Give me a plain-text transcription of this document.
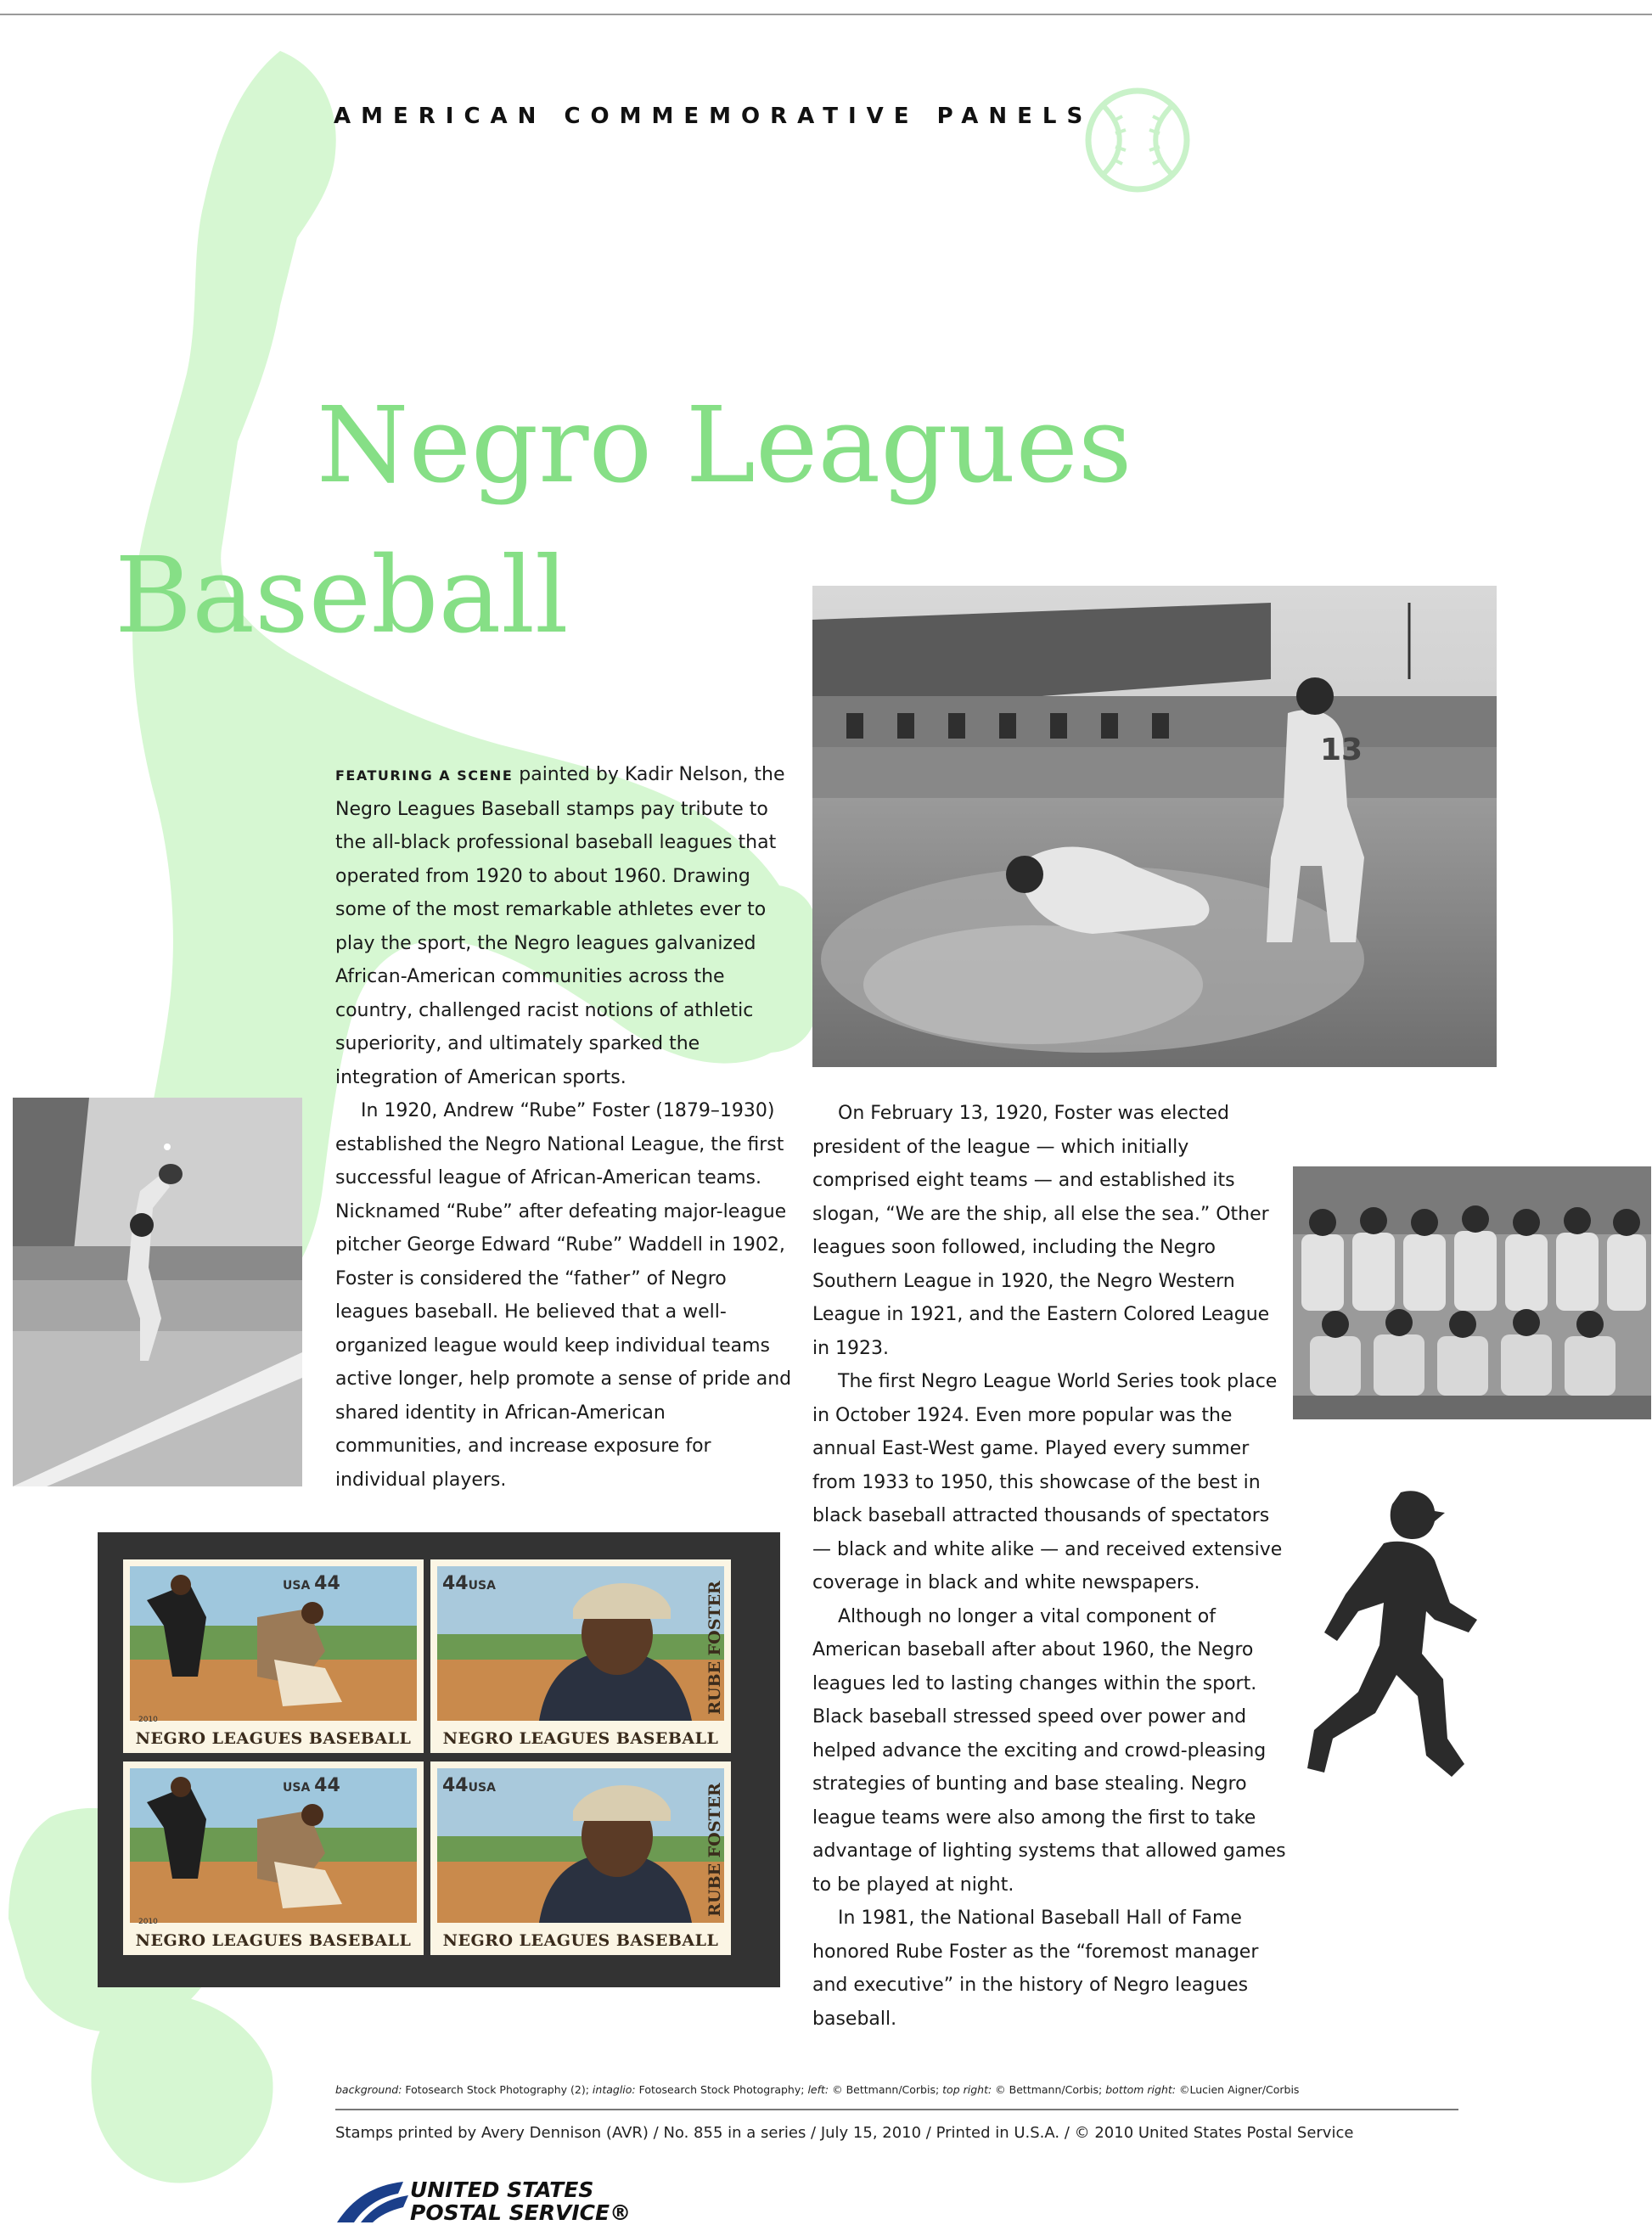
AMERICAN COMMEMORATIVE PANELS
Negro Leagues
Baseball
13

FEATURING A SCENE painted by Kadir Nelson, the Negro Leagues Baseball stamps pay tribute to the all-black professional baseball leagues that operated from 1920 to about 1960. Drawing some of the most remarkable athletes ever to play the sport, the Negro leagues galvanized African-American communities across the country, challenged racist notions of athletic superiority, and ultimately sparked the integration of American sports.

In 1920, Andrew “Rube” Foster (1879–1930) established the Negro National League, the first successful league of African-American teams. Nicknamed “Rube” after defeating major-league pitcher George Edward “Rube” Waddell in 1902, Foster is considered the “father” of Negro leagues baseball. He believed that a well-organized league would keep individual teams active longer, help promote a sense of pride and shared identity in African-American communities, and increase exposure for individual players.

On February 13, 1920, Foster was elected president of the league — which initially comprised eight teams — and established its slogan, “We are the ship, all else the sea.” Other leagues soon followed, including the Negro Southern League in 1920, the Negro Western League in 1921, and the Eastern Colored League in 1923.

The first Negro League World Series took place in October 1924. Even more popular was the annual East-West game. Played every summer from 1933 to 1950, this showcase of the best in black baseball attracted thousands of spectators — black and white alike — and received extensive coverage in black and white newspapers.

Although no longer a vital component of American baseball after about 1960, the Negro leagues led to lasting changes within the sport. Black baseball stressed speed over power and helped advance the exciting and crowd-pleasing strategies of bunting and base stealing. Negro league teams were also among the first to take advantage of lighting systems that allowed games to be played at night.

In 1981, the National Baseball Hall of Fame honored Rube Foster as the “foremost manager and executive” in the history of Negro leagues baseball.

USA 44
2010
NEGRO LEAGUES BASEBALL
44USA	RUBE FOSTER
NEGRO LEAGUES BASEBALL
USA 44
2010
NEGRO LEAGUES BASEBALL
44USA	RUBE FOSTER
NEGRO LEAGUES BASEBALL
background: Fotosearch Stock Photography (2); intaglio: Fotosearch Stock Photography; left: © Bettmann/Corbis; top right: © Bettmann/Corbis; bottom right: ©Lucien Aigner/Corbis
Stamps printed by Avery Dennison (AVR) / No. 855 in a series / July 15, 2010 / Printed in U.S.A. / © 2010 United States Postal Service
UNITED STATES
POSTAL SERVICE®
